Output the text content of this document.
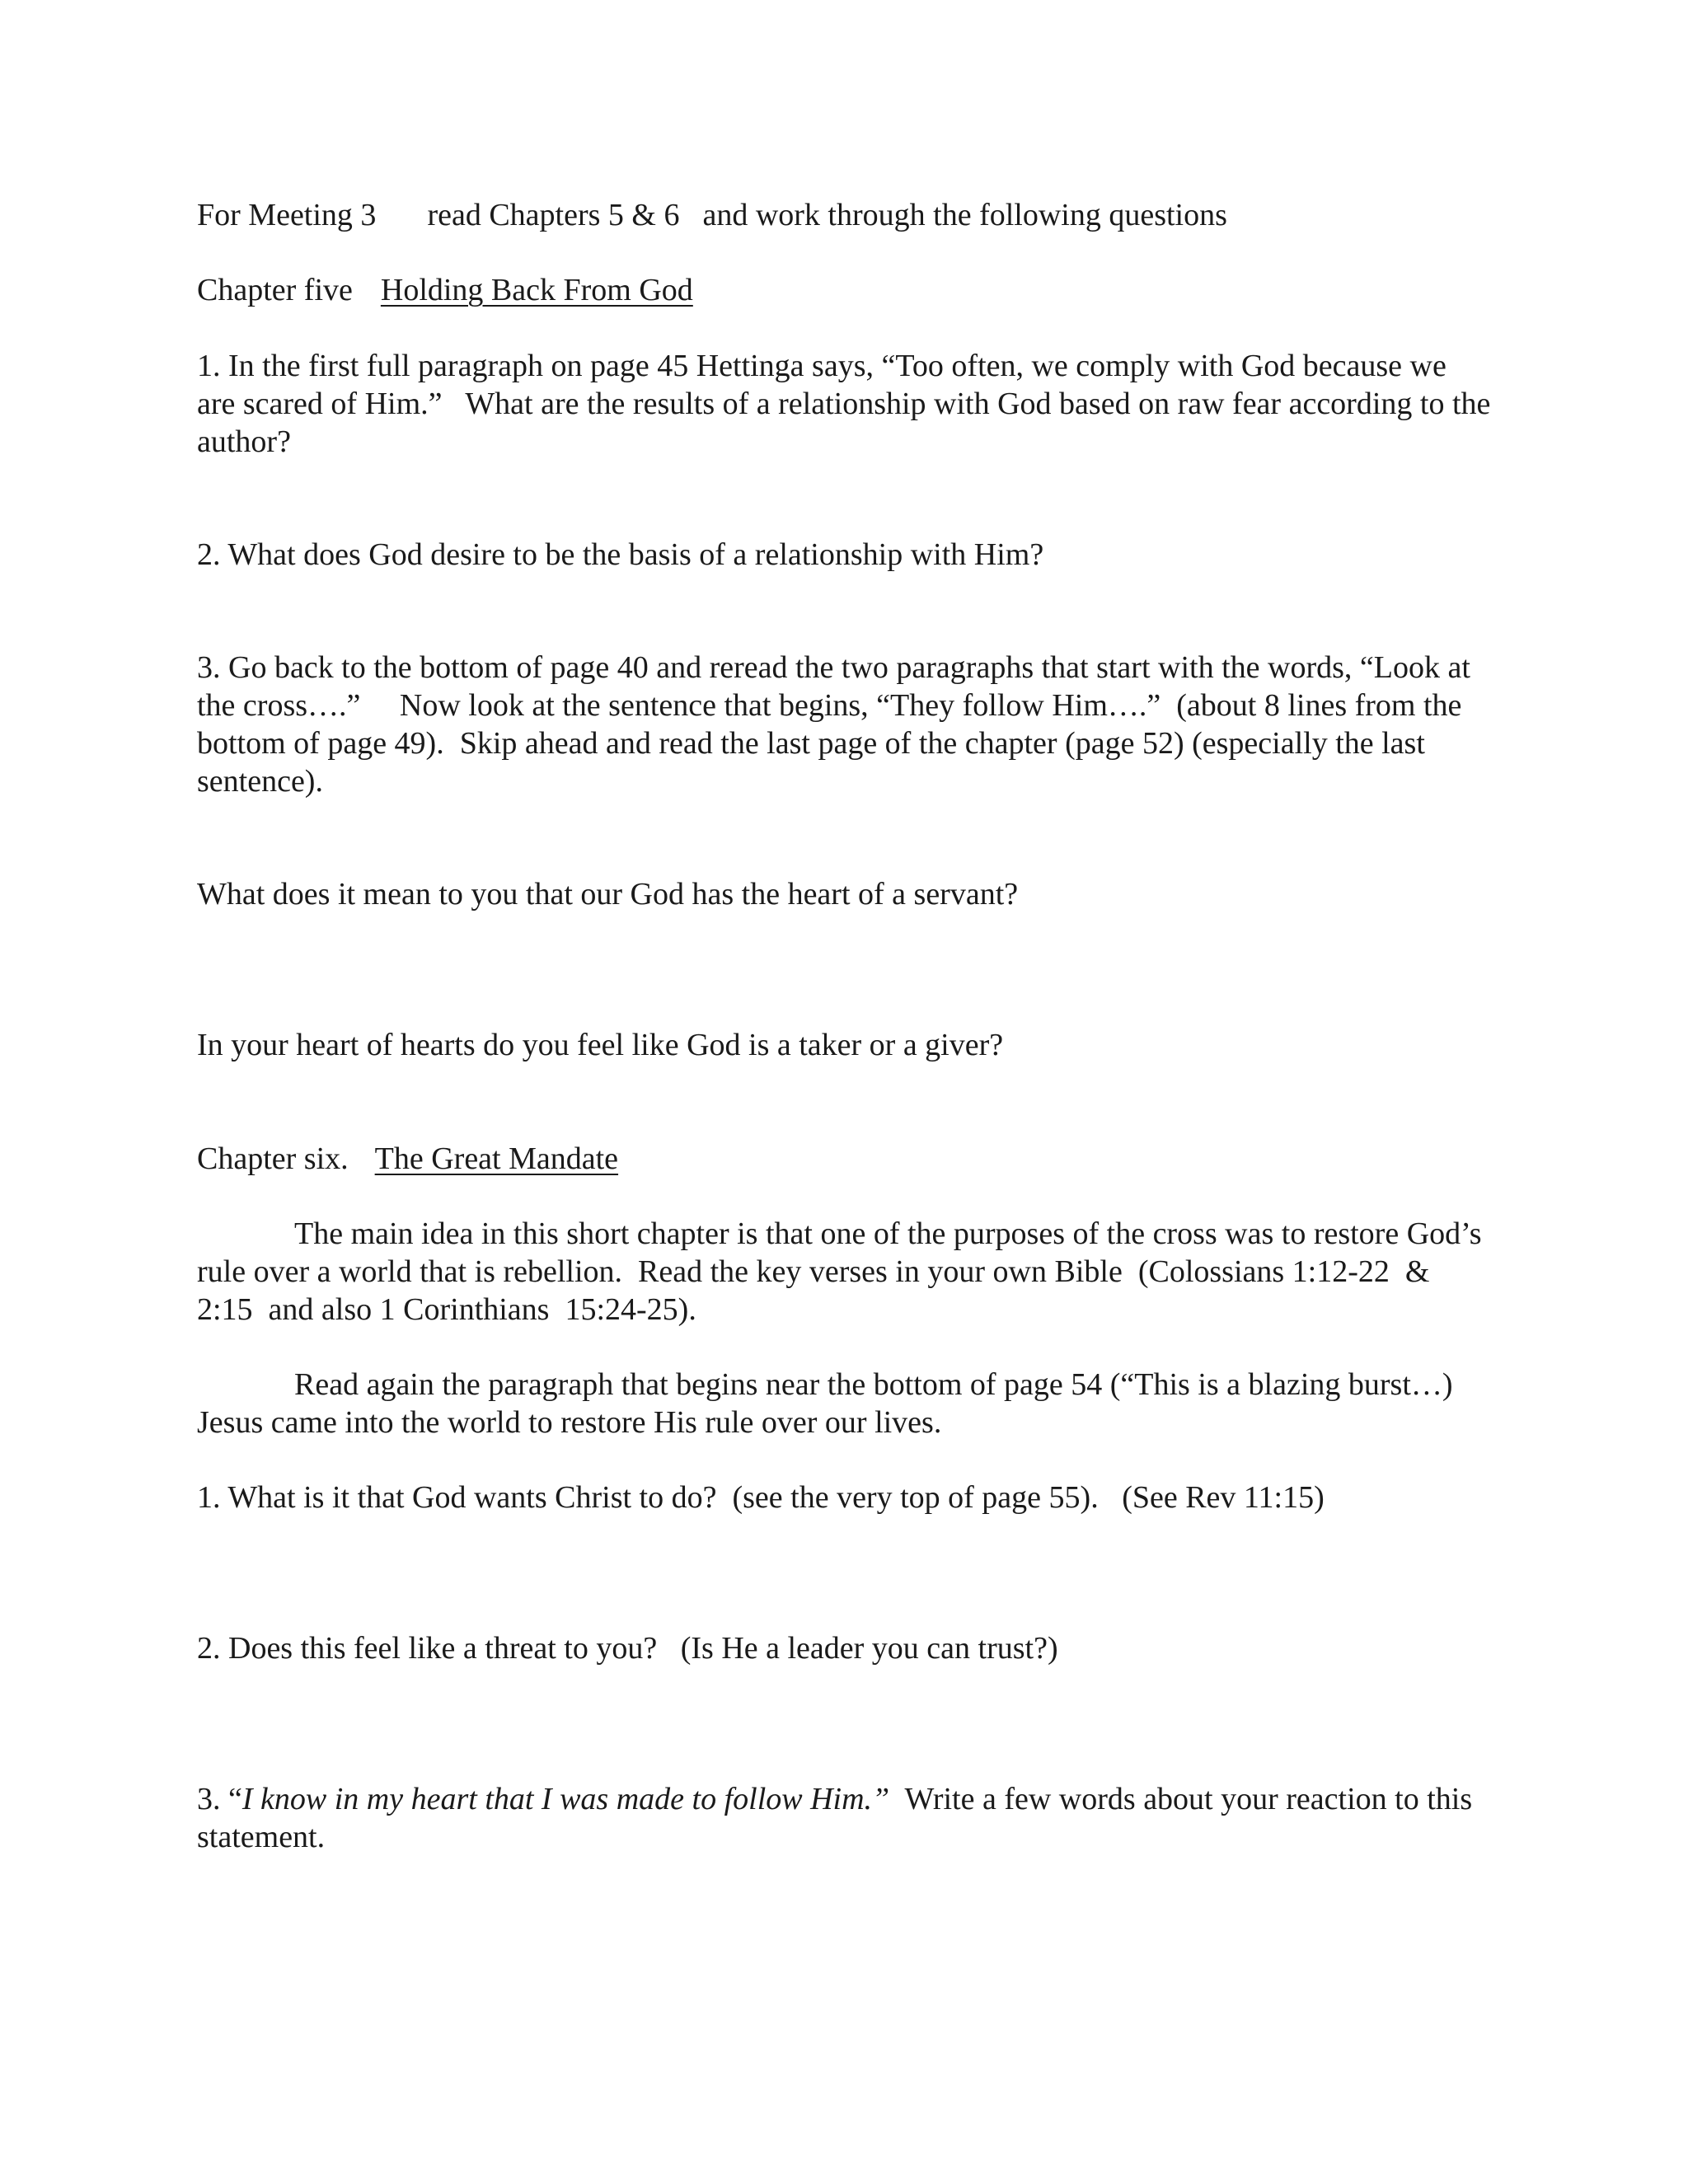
For Meeting 3 read Chapters 5 & 6 and work through the following questions
Chapter five Holding Back From God
1. In the first full paragraph on page 45 Hettinga says, “Too often, we comply with God because we
are scared of Him.”   What are the results of a relationship with God based on raw fear according to the
author?
2. What does God desire to be the basis of a relationship with Him?
3. Go back to the bottom of page 40 and reread the two paragraphs that start with the words, “Look at
the cross….”     Now look at the sentence that begins, “They follow Him….”  (about 8 lines from the
bottom of page 49).  Skip ahead and read the last page of the chapter (page 52) (especially the last
sentence).
What does it mean to you that our God has the heart of a servant?
In your heart of hearts do you feel like God is a taker or a giver?
Chapter six. The Great Mandate
The main idea in this short chapter is that one of the purposes of the cross was to restore God’s
rule over a world that is rebellion.  Read the key verses in your own Bible  (Colossians 1:12-22  &
2:15  and also 1 Corinthians  15:24-25).
Read again the paragraph that begins near the bottom of page 54 (“This is a blazing burst…)
Jesus came into the world to restore His rule over our lives.
1. What is it that God wants Christ to do?  (see the very top of page 55).   (See Rev 11:15)
2. Does this feel like a threat to you?   (Is He a leader you can trust?)
3. “I know in my heart that I was made to follow Him.”  Write a few words about your reaction to this
statement.
